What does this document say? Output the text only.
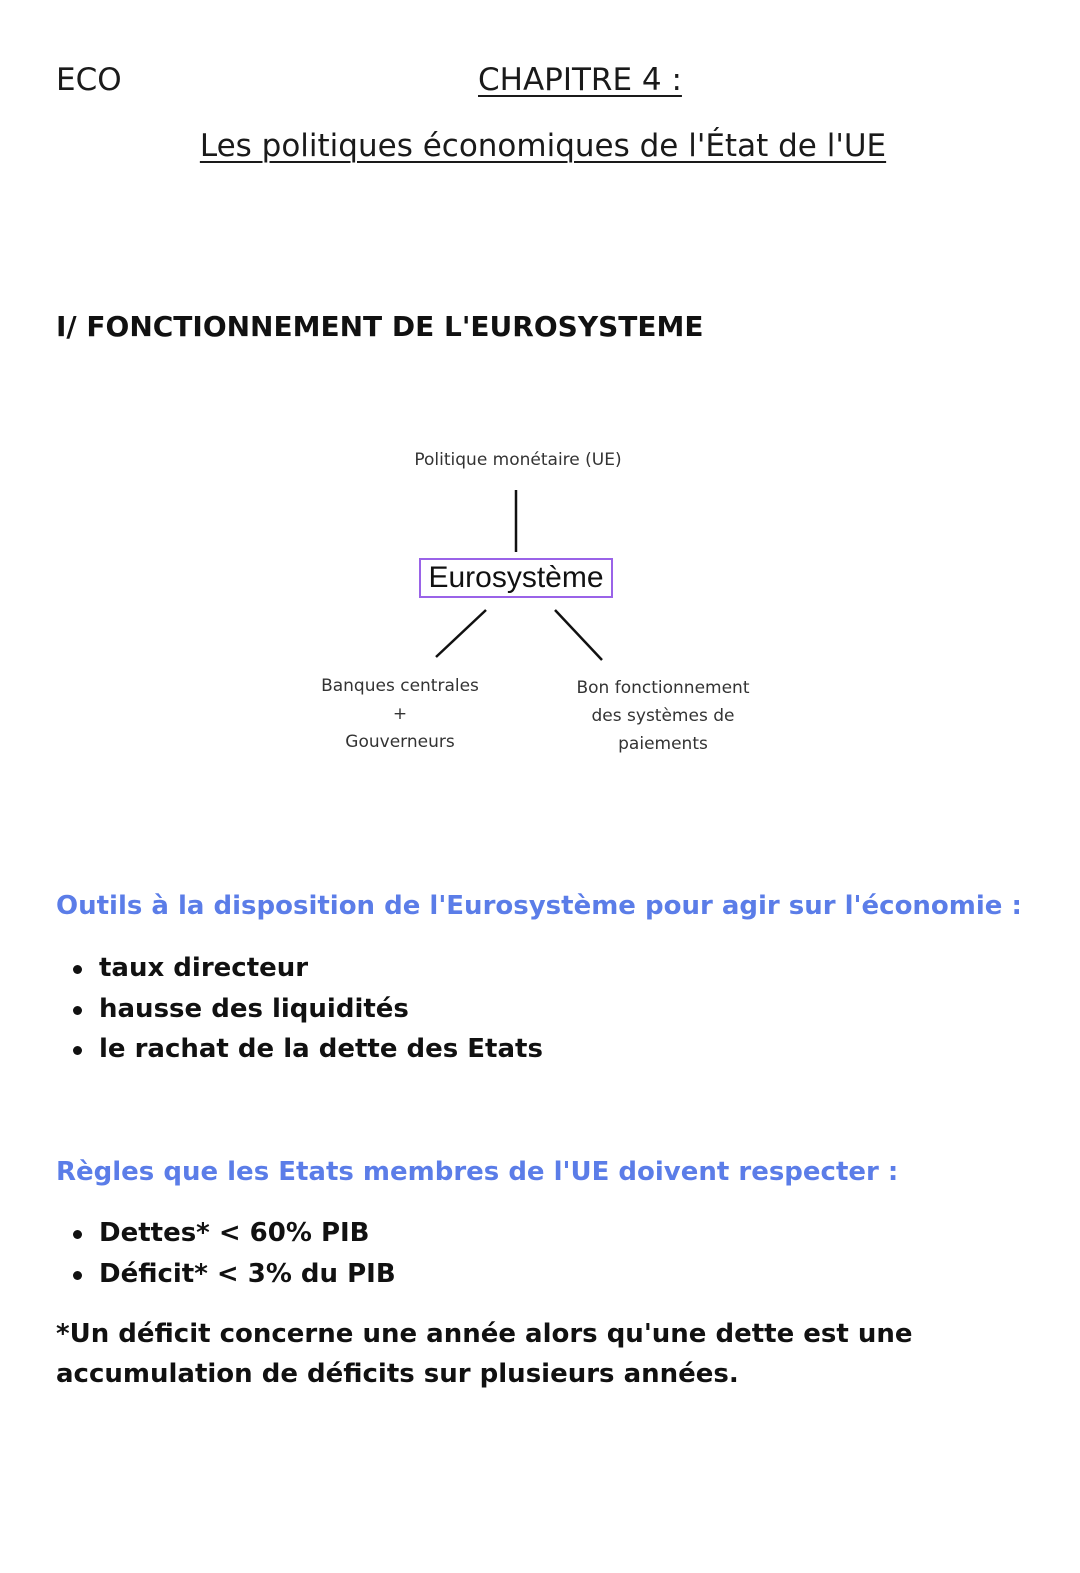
ECO	CHAPITRE 4 :
Les politiques économiques de l'État de l'UE
I/ FONCTIONNEMENT DE L'EUROSYSTEME
Politique monétaire (UE)
Eurosystème
Banques centrales
+
Gouverneurs
Bon fonctionnement
des systèmes de
paiements
Outils à la disposition de l'Eurosystème pour agir sur l'économie :
taux directeur
hausse des liquidités
le rachat de la dette des Etats
Règles que les Etats membres de l'UE doivent respecter :
Dettes* < 60% PIB
Déficit* < 3% du PIB
*Un déficit concerne une année alors qu'une dette est une
accumulation de déficits sur plusieurs années.
